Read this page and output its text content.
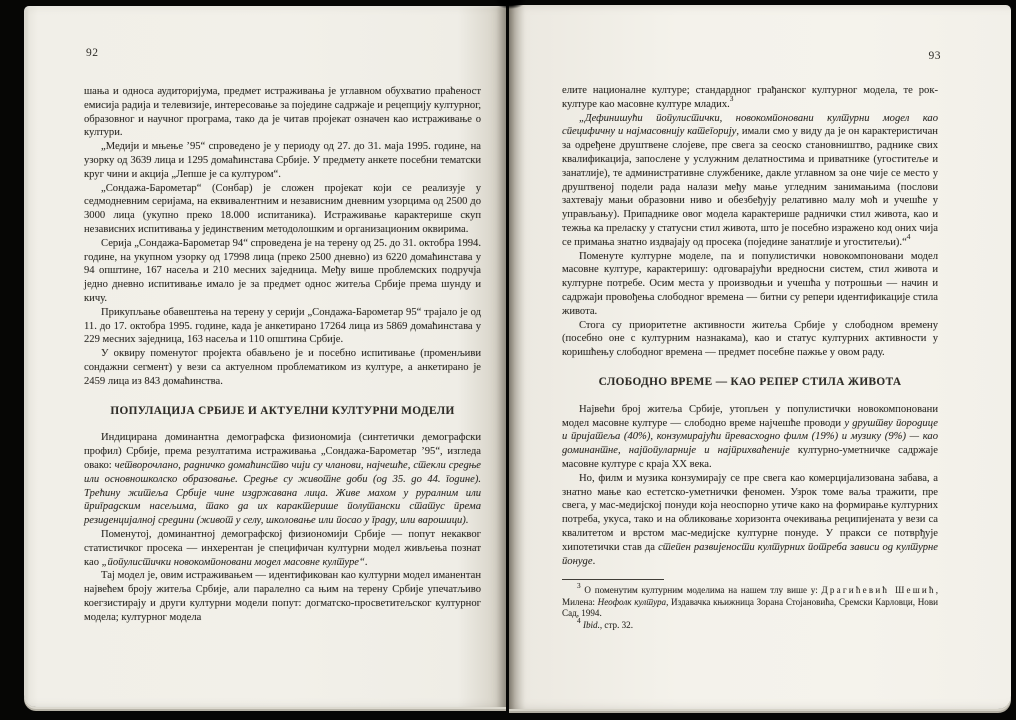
92

шања и односа аудиторијума, предмет истраживања је углавном обухватио праћеност емисија радија и телевизије, интересовање за поједине садржаје и рецепцију културног, образовног и научног програма, тако да је читав пројекат означен као истраживање о култури.

„Медији и мњење ’95“ спроведено је у периоду од 27. до 31. маја 1995. године, на узорку од 3639 лица и 1295 домаћинстава Србије. У предмету анкете посебни тематски круг чини и акција „Лепше је са културом“.

„Сондажа-Барометар“ (Сонбар) је сложен пројекат који се реализује у седмодневним серијама, на еквивалентним и независним дневним узорцима од 2500 до 3000 лица (укупно преко 18.000 испитаника). Истраживање карактерише скуп независних испитивања у јединственим методолошким и организационим оквирима.

Серија „Сондажа-Барометар 94“ спроведена је на терену од 25. до 31. октобра 1994. године, на укупном узорку од 17998 лица (преко 2500 дневно) из 6220 домаћинстава у 94 општине, 167 насеља и 210 месних заједница. Међу више проблемских подручја једно дневно испитивање имало је за предмет однос житеља Србије према шунду и кичу.

Прикупљање обавештења на терену у серији „Сондажа-Барометар 95“ трајало је од 11. до 17. октобра 1995. године, када је анкетирано 17264 лица из 5869 домаћинстава у 229 месних заједница, 163 насеља и 110 општина Србије.

У оквиру поменутог пројекта обављено је и посебно испитивање (променљиви сондажни сегмент) у вези са актуелном проблематиком из културе, а анкетирано је 2459 лица из 843 домаћинства.

ПОПУЛАЦИЈА СРБИЈЕ И АКТУЕЛНИ КУЛТУРНИ МОДЕЛИ

Индицирана доминантна демографска физиономија (синтетички демографски профил) Србије, према резултатима истраживања „Сондажа-Барометар ’95“, изгледа овако: четворочлано, радничко домаћинство чији су чланови, најчешће, стекли средње или основношколско образовање. Средње су животне доби (од 35. до 44. године). Трећину житеља Србије чине издржавана лица. Живе махом у руралним или приградским насељима, тако да их карактерише полутански статус према резиденцијалној средини (живот у селу, школовање или посао у граду, или варошици).

Поменутој, доминантној демографској физиономији Србије — попут некаквог статистичког просека — инхерентан је специфичан културни модел живљења познат као „популистички новокомпоновани модел масовне културе“.

Тај модел је, овим истраживањем — идентификован као културни модел иманентан највећем броју житеља Србије, али паралелно са њим на терену Србије упечатљиво коегзистирају и други културни модели попут: догматско-просветитељског културног модела; културног модела

93

елите националне културе; стандардног грађанског културног модела, те рок-културе као масовне културе младих.$^3$

„Дефинишући популистички, новокомпоновани културни модел као специфичну и најмасовнију категорију, имали смо у виду да је он карактеристичан за одређене друштвене слојеве, пре свега за сеоско становништво, раднике свих квалификација, запослене у услужним делатностима и приватнике (угоститеље и занатлије), те административне службенике, дакле углавном за оне чије се место у друштвеној подели рада налази међу мање угледним занимањима (послови захтевају мањи образовни ниво и обезбеђују релативно малу моћ и учешће у управљању). Припаднике овог модела карактерише раднички стил живота, као и тежња ка преласку у статусни стил живота, што је посебно изражено код оних чија се примања знатно издвајају од просека (поједине занатлије и угоститељи).“$^4$

Поменуте културне моделе, па и популистички новокомпоновани модел масовне културе, карактеришу: одговарајући вредносни систем, стил живота и културне потребе. Осим места у производњи и учешћа у потрошњи — начин и садржаји провођења слободног времена — битни су репери идентификације стила живота.

Стога су приоритетне активности житеља Србије у слободном времену (посебно оне с културним назнакама), као и статус културних активности у коришћењу слободног времена — предмет посебне пажње у овом раду.

СЛОБОДНО ВРЕМЕ — КАО РЕПЕР СТИЛА ЖИВОТА

Највећи број житеља Србије, утопљен у популистички новокомпоновани модел масовне културе — слободно време најчешће проводи у друштву породице и пријатеља (40%), конзумирајући превасходно филм (19%) и музику (9%) — као доминантне, најпопуларније и најприхваћеније културно-уметничке садржаје масовне културе с краја XX века.

Но, филм и музика конзумирају се пре свега као комерцијализована забава, а знатно мање као естетско-уметнички феномен. Узрок томе ваља тражити, пре свега, у мас-медијској понуди која неоспорно утиче како на формирање културних потреба, укуса, тако и на обликовање хоризонта очекивања реципијената у вези са квалитетом и врстом мас-медијске културне понуде. У пракси се потврђује хипотетички став да степен развијености културних потреба зависи од културне понуде.

$^3$ О поменутим културним моделима на нашем тлу више у: Драгићевић Шешић, Милена: Неофолк култура, Издавачка књижница Зорана Стојановића, Сремски Карловци, Нови Сад, 1994.

$^4$ Ibid., стр. 32.
